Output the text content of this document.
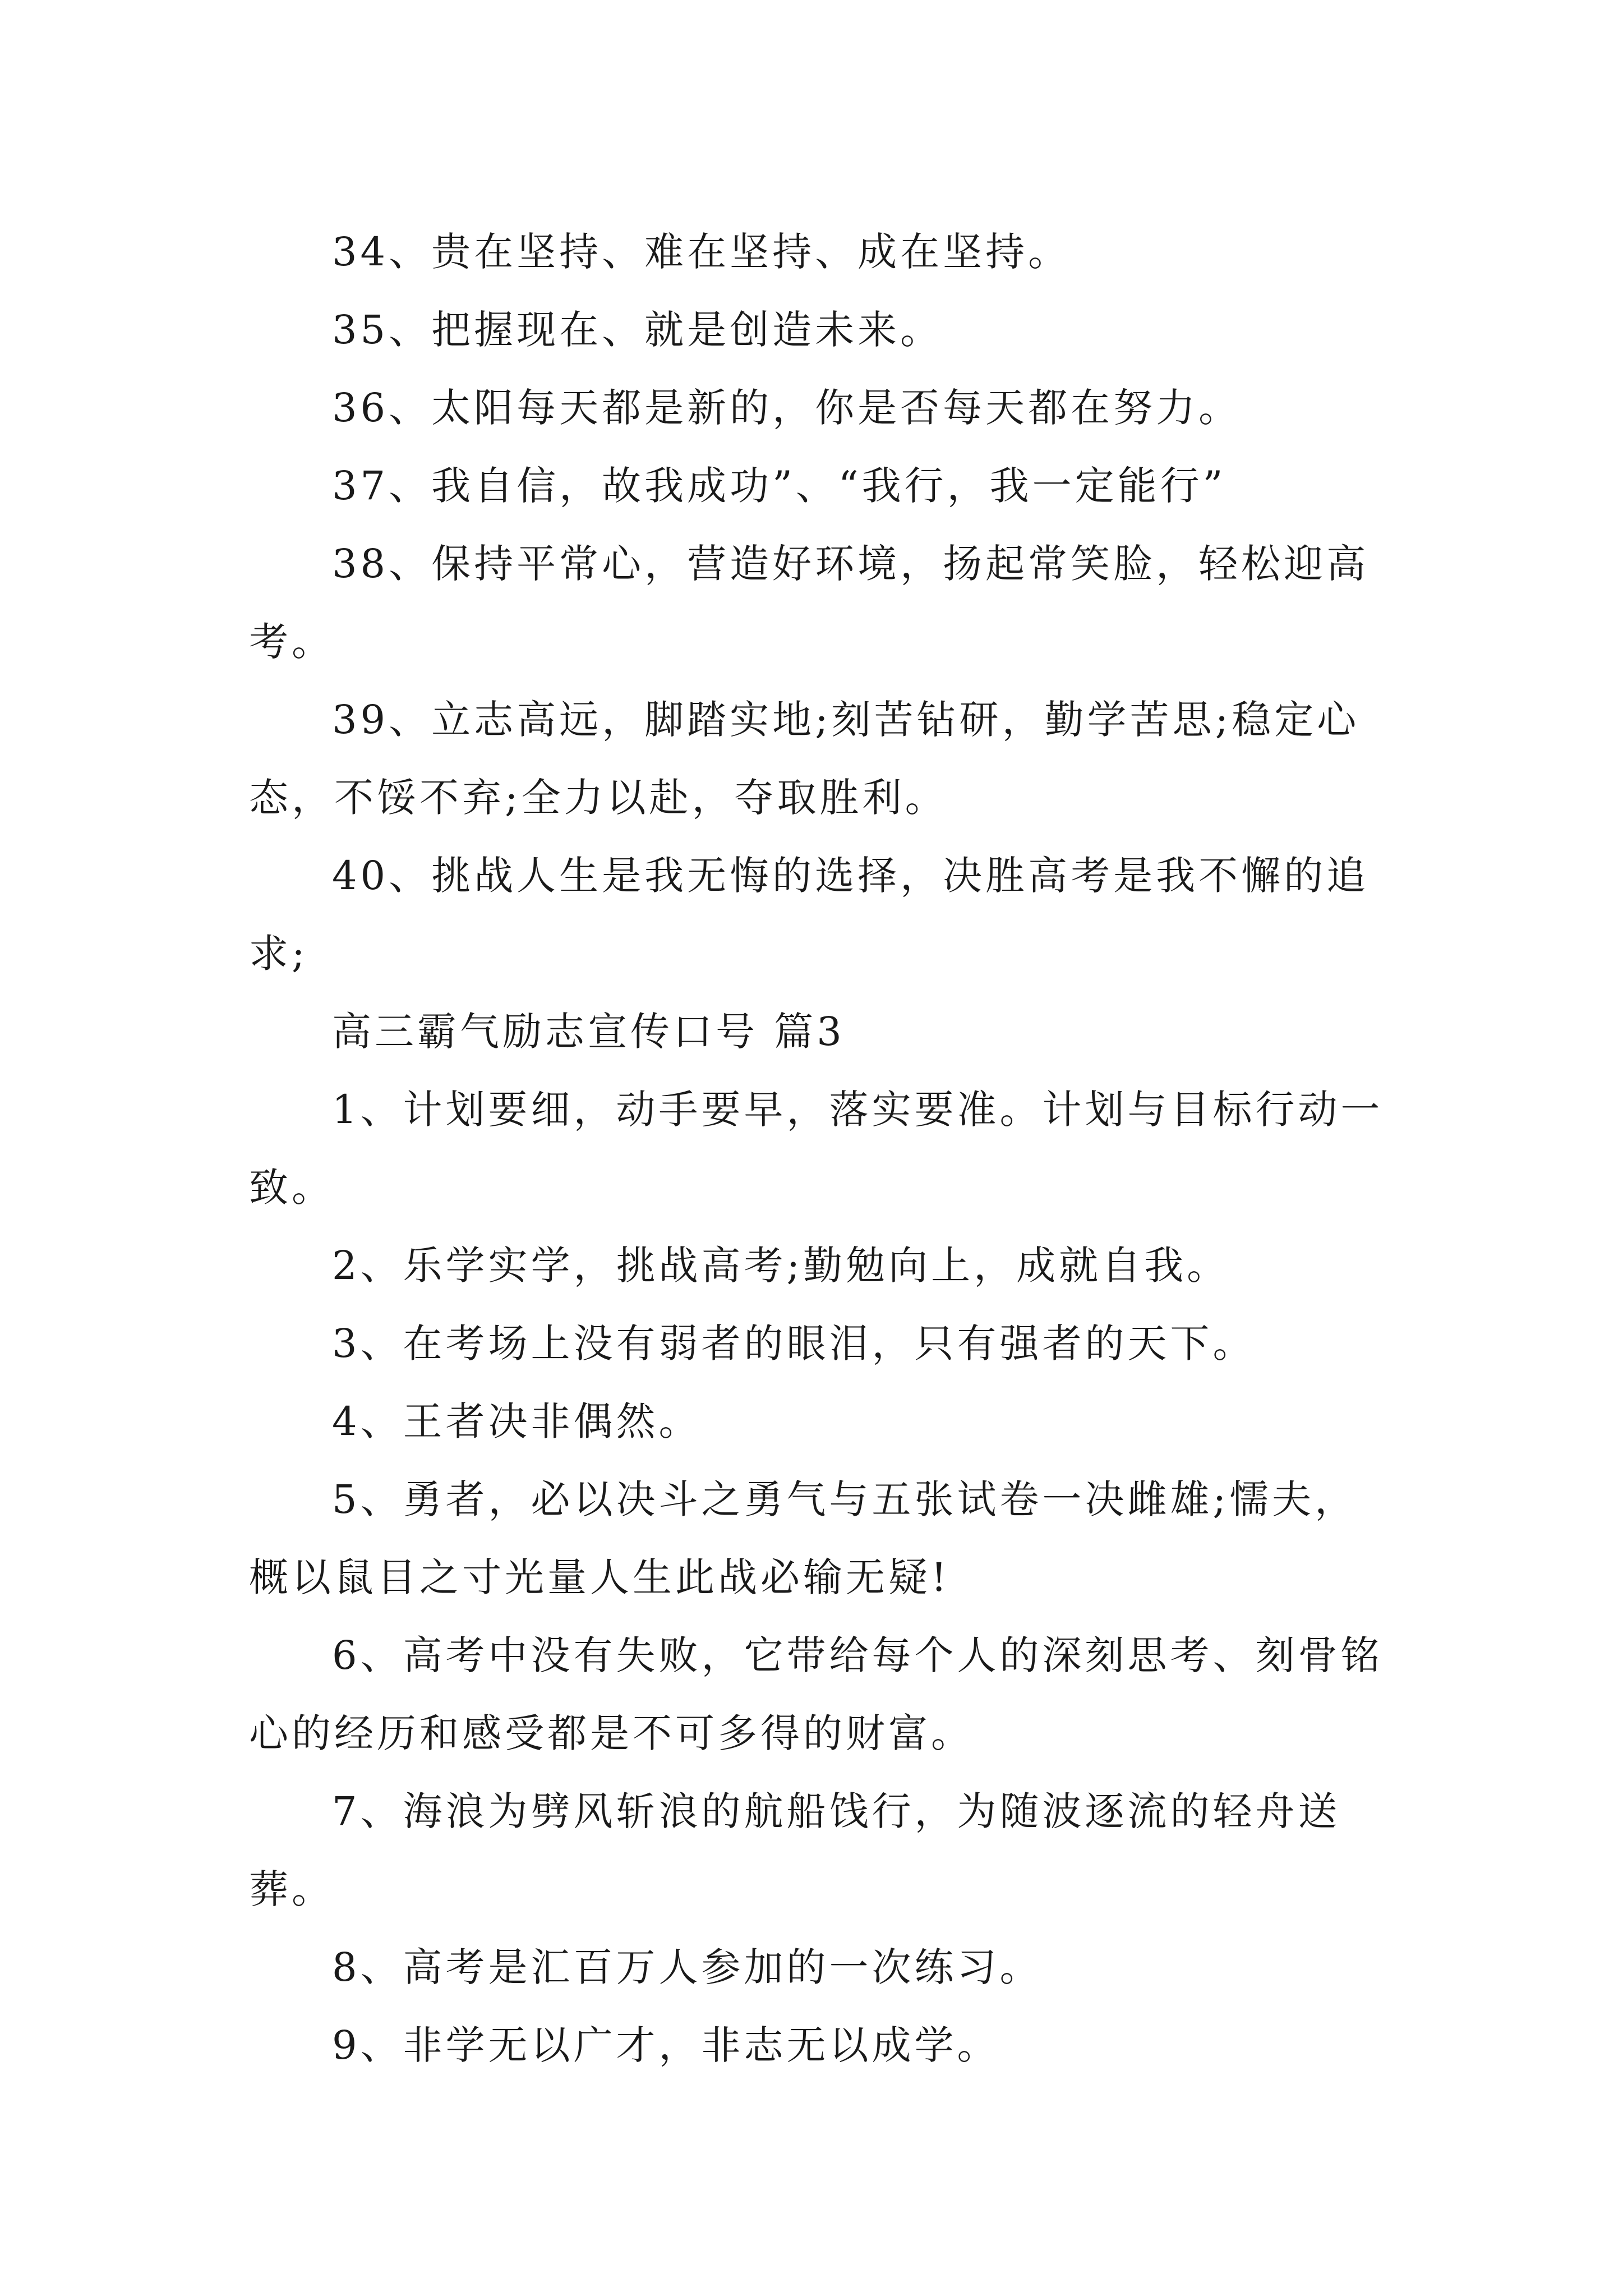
34、贵在坚持、难在坚持、成在坚持。

35、把握现在、就是创造未来。

36、太阳每天都是新的，你是否每天都在努力。

37、我自信，故我成功”、“我行，我一定能行”

38、保持平常心，营造好环境，扬起常笑脸，轻松迎高考。

39、立志高远，脚踏实地;刻苦钻研，勤学苦思;稳定心态，不馁不弃;全力以赴，夺取胜利。

40、挑战人生是我无悔的选择，决胜高考是我不懈的追求;

高三霸气励志宣传口号 篇3

1、计划要细，动手要早，落实要准。计划与目标行动一致。

2、乐学实学，挑战高考;勤勉向上，成就自我。

3、在考场上没有弱者的眼泪，只有强者的天下。

4、王者决非偶然。

5、勇者，必以决斗之勇气与五张试卷一决雌雄;懦夫，概以鼠目之寸光量人生此战必输无疑!

6、高考中没有失败，它带给每个人的深刻思考、刻骨铭心的经历和感受都是不可多得的财富。

7、海浪为劈风斩浪的航船饯行，为随波逐流的轻舟送葬。

8、高考是汇百万人参加的一次练习。

9、非学无以广才，非志无以成学。
